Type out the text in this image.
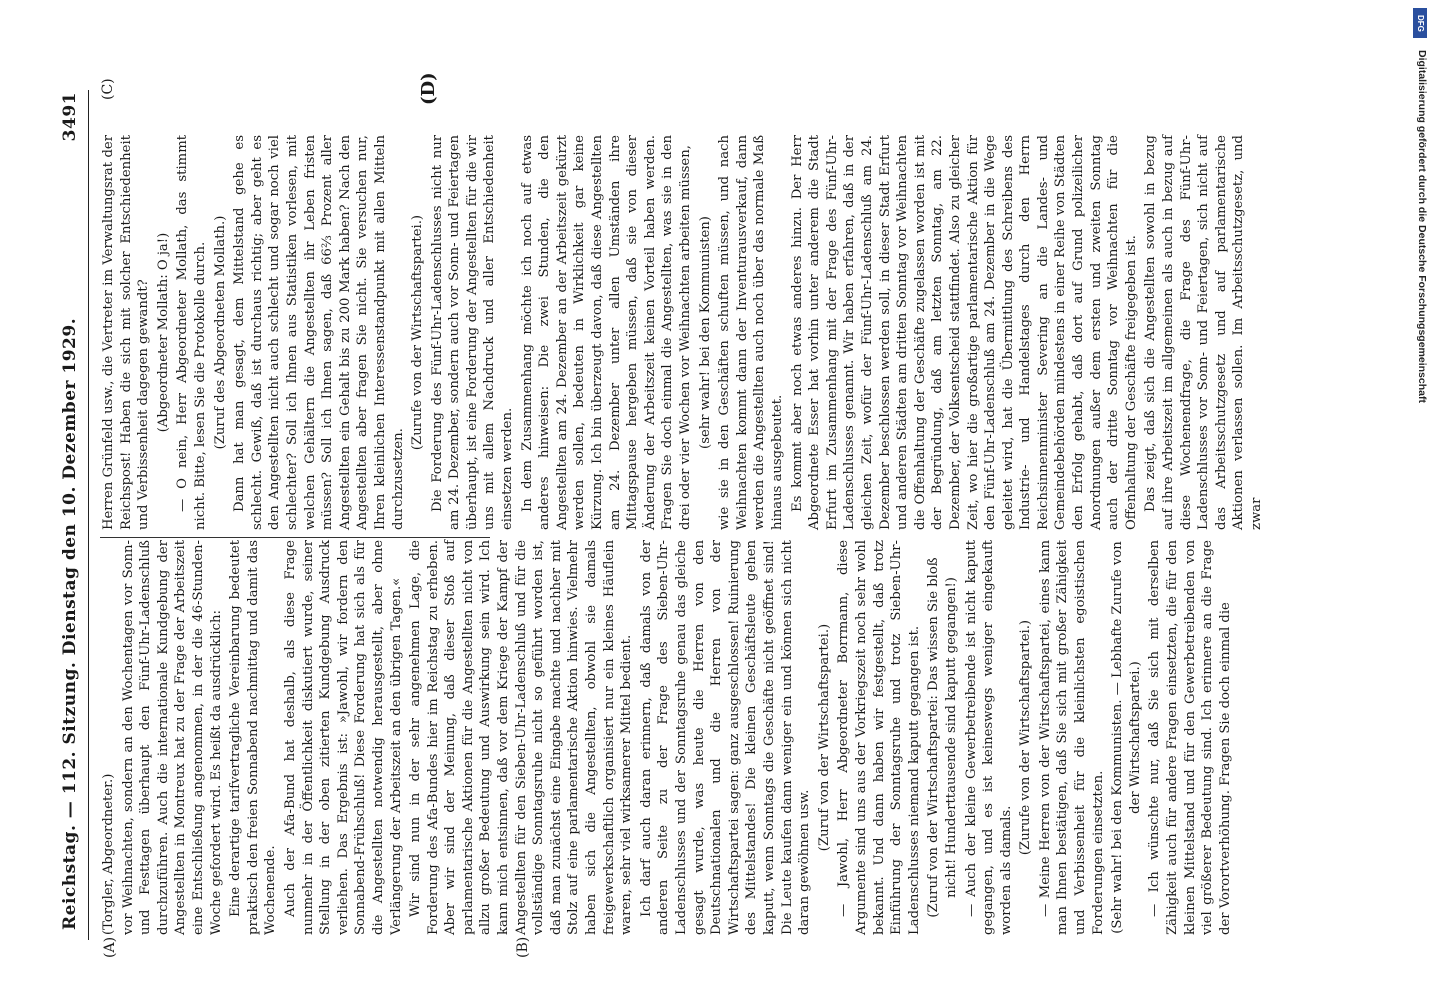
Reichstag. — 112. Sitzung. Dienstag den 10. Dezember 1929.
3491
(A)	(B)
(C)	(D)

(Torgler, Abgeordneter.) vor Weihnachten, sondern an den Wochentagen vor Sonn- und Festtagen überhaupt den Fünf-Uhr-Ladenschluß durchzuführen. Auch die internationale Kundgebung der Angestellten in Montreux hat zu der Frage der Arbeitszeit eine Entschließung angenommen, in der die 46-Stunden-Woche gefordert wird. Es heißt da ausdrücklich: Eine derartige tarifvertragliche Vereinbarung bedeutet praktisch den freien Sonnabend nachmittag und damit das Wochenende. Auch der Afa-Bund hat deshalb, als diese Frage nunmehr in der Öffentlichkeit diskutiert wurde, seiner Stellung in der oben zitierten Kundgebung Ausdruck verliehen. Das Ergebnis ist: »Jawohl, wir fordern den Sonnabend-Frühschluß! Diese Forderung hat sich als für die Angestellten notwendig herausgestellt, aber ohne Verlängerung der Arbeitszeit an den übrigen Tagen.« Wir sind nun in der sehr angenehmen Lage, die Forderung des Afa-Bundes hier im Reichstag zu erheben. Aber wir sind der Meinung, daß dieser Stoß auf parlamentarische Aktionen für die Angestellten nicht von allzu großer Bedeutung und Auswirkung sein wird. Ich kann mich entsinnen, daß vor dem Kriege der Kampf der Angestellten für den Sieben-Uhr-Ladenschluß und für die vollständige Sonntagsruhe nicht so geführt worden ist, daß man zunächst eine Eingabe machte und nachher mit Stolz auf eine parlamentarische Aktion hinwies. Vielmehr haben sich die Angestellten, obwohl sie damals freigewerkschaftlich organisiert nur ein kleines Häuflein waren, sehr viel wirksamerer Mittel bedient. Ich darf auch daran erinnern, daß damals von der anderen Seite zu der Frage des Sieben-Uhr-Ladenschlusses und der Sonntagsruhe genau das gleiche gesagt wurde, was heute die Herren von den Deutschnationalen und die Herren von der Wirtschaftspartei sagen: ganz ausgeschlossen! Ruinierung des Mittelstandes! Die kleinen Geschäftsleute gehen kaputt, wenn Sonntags die Geschäfte nicht geöffnet sind! Die Leute kaufen dann weniger ein und können sich nicht daran gewöhnen usw.

(Zuruf von der Wirtschaftspartei.) — Jawohl, Herr Abgeordneter Borrmann, diese Argumente sind uns aus der Vorkriegszeit noch sehr wohl bekannt. Und dann haben wir festgestellt, daß trotz Einführung der Sonntagsruhe und trotz Sieben-Uhr-Ladenschlusses niemand kaputt gegangen ist. (Zuruf von der Wirtschaftspartei: Das wissen Sie bloß nicht! Hunderttausende sind kaputt gegangen!) — Auch der kleine Gewerbetreibende ist nicht kaputt gegangen, und es ist keineswegs weniger eingekauft worden als damals.

(Zurufe von der Wirtschaftspartei.) — Meine Herren von der Wirtschaftspartei, eines kann man Ihnen bestätigen, daß Sie sich mit großer Zähigkeit und Verbissenheit für die kleinlichsten egoistischen Forderungen einsetzten. (Sehr wahr! bei den Kommunisten. — Lebhafte Zurufe von der Wirtschaftspartei.) — Ich wünschte nur, daß Sie sich mit derselben Zähigkeit auch für andere Fragen einsetzten, die für den kleinen Mittelstand und für den Gewerbetreibenden von viel größerer Bedeutung sind. Ich erinnere an die Frage der Vorortverhöhung. Fragen Sie doch einmal die

Herren Grünfeld usw., die Vertreter im Verwaltungsrat der Reichspost! Haben die sich mit solcher Entschiedenheit und Verbissenheit dagegen gewandt? (Abgeordneter Mollath: O ja!) — O nein, Herr Abgeordneter Mollath, das stimmt nicht. Bitte, lesen Sie die Protokolle durch. (Zuruf des Abgeordneten Mollath.) Dann hat man gesagt, dem Mittelstand gehe es schlecht. Gewiß, daß ist durchaus richtig; aber geht es den Angestellten nicht auch schlecht und sogar noch viel schlechter? Soll ich Ihnen aus Statistiken vorlesen, mit welchen Gehältern die Angestellten ihr Leben fristen müssen? Soll ich Ihnen sagen, daß 66⅔ Prozent aller Angestellten ein Gehalt bis zu 200 Mark haben? Nach den Angestellten aber fragen Sie nicht. Sie versuchen nur, Ihren kleinlichen Interessenstandpunkt mit allen Mitteln durchzusetzen.

(Zurufe von der Wirtschaftspartei.) Die Forderung des Fünf-Uhr-Ladenschlusses nicht nur am 24. Dezember, sondern auch vor Sonn- und Feiertagen überhaupt, ist eine Forderung der Angestellten für die wir uns mit allem Nachdruck und aller Entschiedenheit einsetzen werden. In dem Zusammenhang möchte ich noch auf etwas anderes hinweisen: Die zwei Stunden, die den Angestellten am 24. Dezember an der Arbeitszeit gekürzt werden sollen, bedeuten in Wirklichkeit gar keine Kürzung. Ich bin überzeugt davon, daß diese Angestellten am 24. Dezember unter allen Umständen ihre Mittagspause hergeben müssen, daß sie von dieser Änderung der Arbeitszeit keinen Vorteil haben werden. Fragen Sie doch einmal die Angestellten, was sie in den drei oder vier Wochen vor Weihnachten arbeiten müssen, (sehr wahr! bei den Kommunisten) wie sie in den Geschäften schuften müssen, und nach Weihnachten kommt dann der Inventurausverkauf, dann werden die Angestellten auch noch über das normale Maß hinaus ausgebeutet. Es kommt aber noch etwas anderes hinzu. Der Herr Abgeordnete Esser hat vorhin unter anderem die Stadt Erfurt im Zusammenhang mit der Frage des Fünf-Uhr-Ladenschlusses genannt. Wir haben erfahren, daß in der gleichen Zeit, wofür der Fünf-Uhr-Ladenschluß am 24. Dezember beschlossen werden soll, in dieser Stadt Erfurt und anderen Städten am dritten Sonntag vor Weihnachten die Offenhaltung der Geschäfte zugelassen worden ist mit der Begründung, daß am letzten Sonntag, am 22. Dezember, der Volksentscheid stattfindet. Also zu gleicher Zeit, wo hier die großartige parlamentarische Aktion für den Fünf-Uhr-Ladenschluß am 24. Dezember in die Wege geleitet wird, hat die Übermittlung des Schreibens des Industrie- und Handelstages durch den Herrn Reichsinnenminister Severing an die Landes- und Gemeindebehörden mindestens in einer Reihe von Städten den Erfolg gehabt, daß dort auf Grund polizeilicher Anordnungen außer dem ersten und zweiten Sonntag auch der dritte Sonntag vor Weihnachten für die Offenhaltung der Geschäfte freigegeben ist. Das zeigt, daß sich die Angestellten sowohl in bezug auf ihre Arbeitszeit im allgemeinen als auch in bezug auf diese Wochenendfrage, die Frage des Fünf-Uhr-Ladenschlusses vor Sonn- und Feiertagen, sich nicht auf das Arbeitsschutzgesetz und auf parlamentarische Aktionen verlassen sollen. Im Arbeitsschutzgesetz, und zwar

DFG
Digitalisierung gefördert durch die Deutsche Forschungsgemeinschaft
